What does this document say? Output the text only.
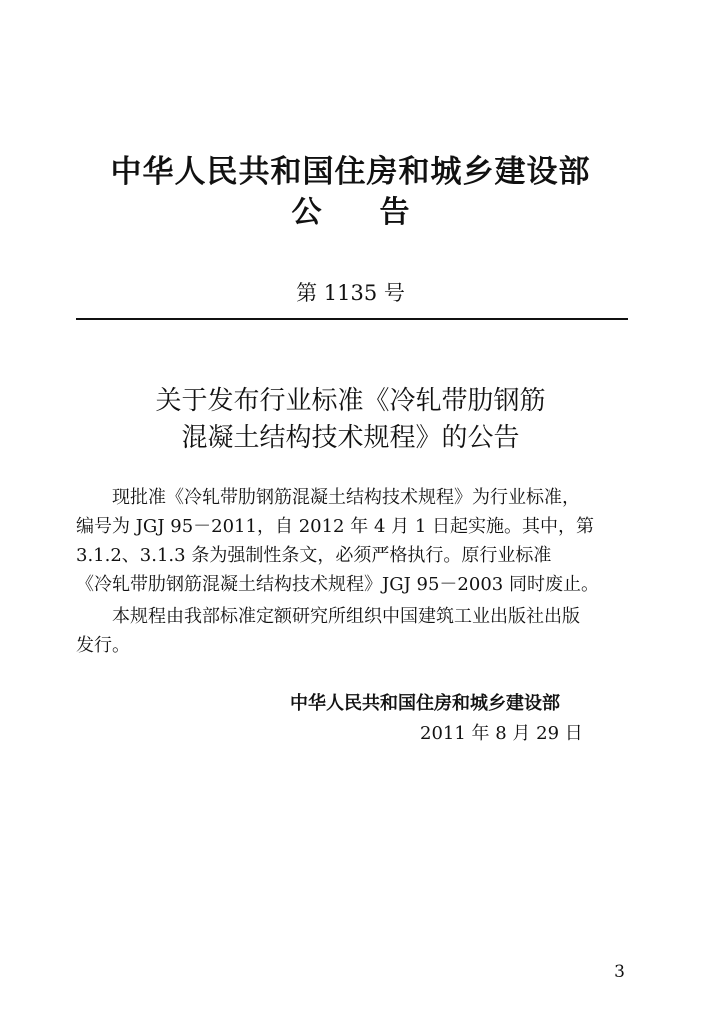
中华人民共和国住房和城乡建设部
公告
第 1135 号
关于发布行业标准《冷轧带肋钢筋
混凝土结构技术规程》的公告
现批准《冷轧带肋钢筋混凝土结构技术规程》为行业标准，
编号为 JGJ 95－2011，自 2012 年 4 月 1 日起实施。其中，第
3.1.2、3.1.3 条为强制性条文，必须严格执行。原行业标准
《冷轧带肋钢筋混凝土结构技术规程》JGJ 95－2003 同时废止。
本规程由我部标准定额研究所组织中国建筑工业出版社出版
发行。
中华人民共和国住房和城乡建设部
2011 年 8 月 29 日
3
